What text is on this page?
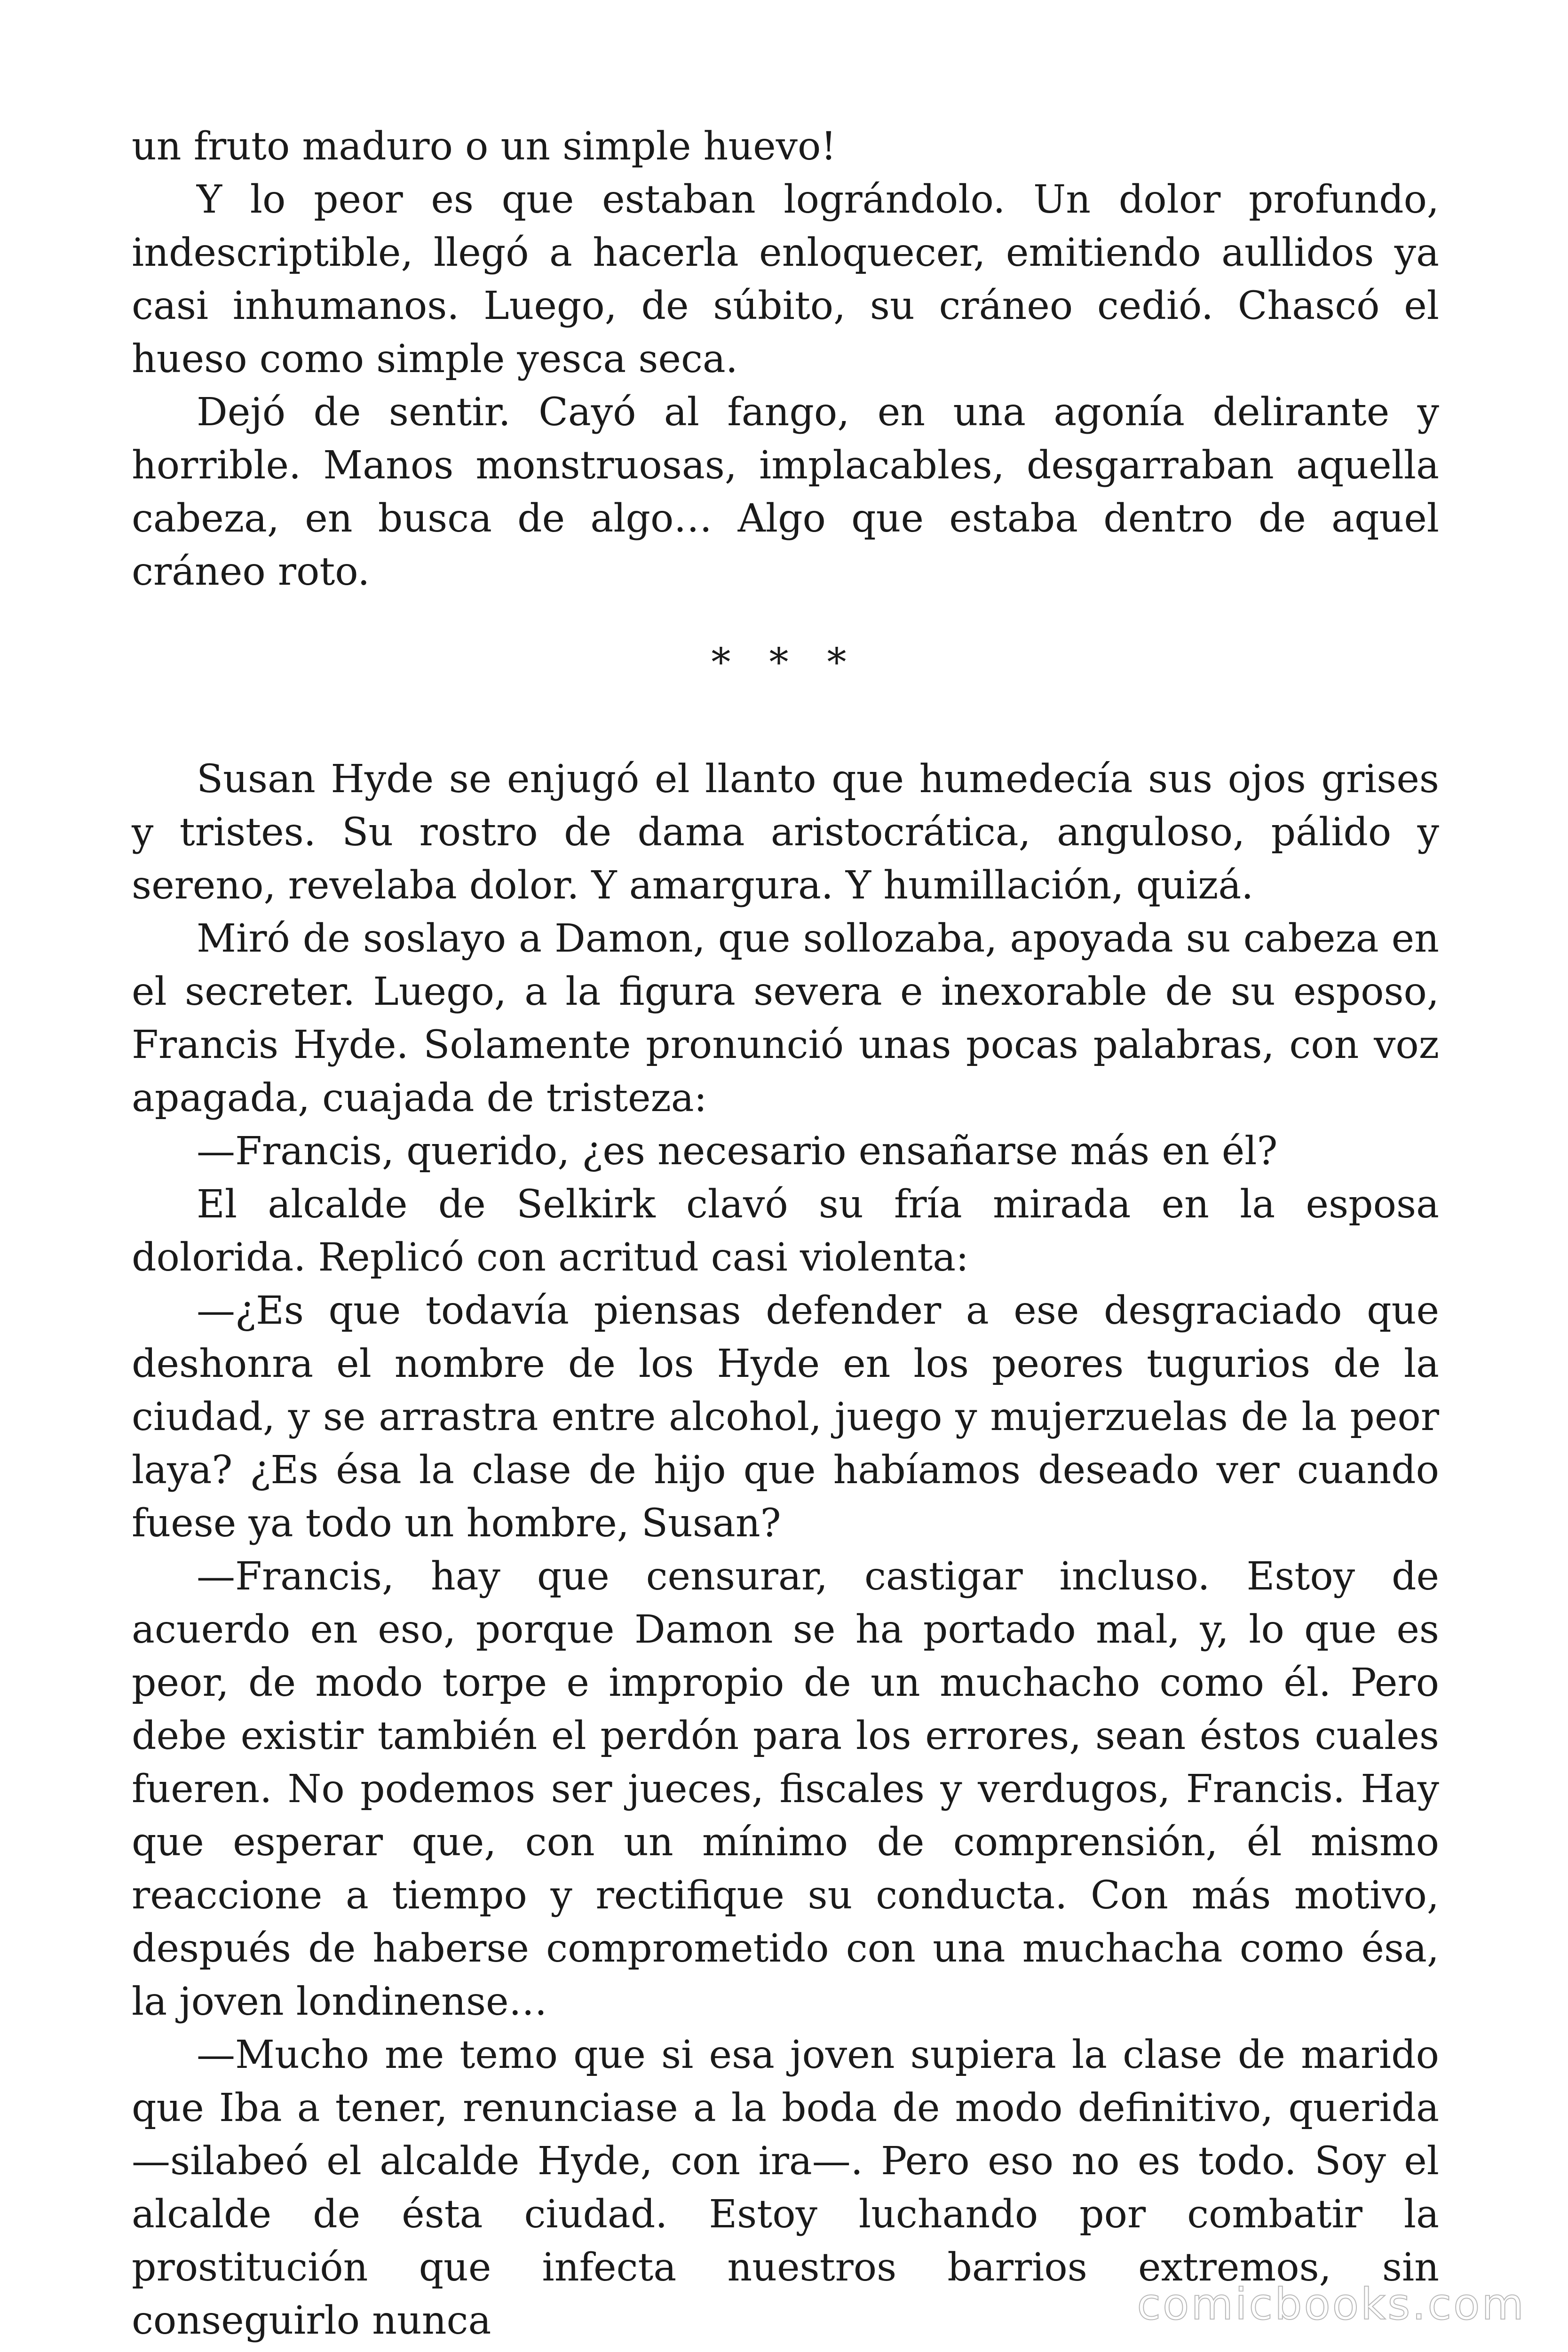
un fruto maduro o un simple huevo!

Y lo peor es que estaban lográndolo. Un dolor profundo, indescriptible, llegó a hacerla enloquecer, emitiendo aullidos ya casi inhumanos. Luego, de súbito, su cráneo cedió. Chascó el hueso como simple yesca seca.

Dejó de sentir. Cayó al fango, en una agonía delirante y horrible. Manos monstruosas, implacables, desgarraban aquella cabeza, en busca de algo… Algo que estaba dentro de aquel cráneo roto.

* * *

Susan Hyde se enjugó el llanto que humedecía sus ojos grises y tristes. Su rostro de dama aristocrática, anguloso, pálido y sereno, revelaba dolor. Y amargura. Y humillación, quizá.

Miró de soslayo a Damon, que sollozaba, apoyada su cabeza en el secreter. Luego, a la figura severa e inexorable de su esposo, Francis Hyde. Solamente pronunció unas pocas palabras, con voz apagada, cuajada de tristeza:

—Francis, querido, ¿es necesario ensañarse más en él?

El alcalde de Selkirk clavó su fría mirada en la esposa dolorida. Replicó con acritud casi violenta:

—¿Es que todavía piensas defender a ese desgraciado que deshonra el nombre de los Hyde en los peores tugurios de la ciudad, y se arrastra entre alcohol, juego y mujerzuelas de la peor laya? ¿Es ésa la clase de hijo que habíamos deseado ver cuando fuese ya todo un hombre, Susan?

—Francis, hay que censurar, castigar incluso. Estoy de acuerdo en eso, porque Damon se ha portado mal, y, lo que es peor, de modo torpe e impropio de un muchacho como él. Pero debe existir también el perdón para los errores, sean éstos cuales fueren. No podemos ser jueces, fiscales y verdugos, Francis. Hay que esperar que, con un mínimo de comprensión, él mismo reaccione a tiempo y rectifique su conducta. Con más motivo, después de haberse comprometido con una muchacha como ésa, la joven londinense…

—Mucho me temo que si esa joven supiera la clase de marido que Iba a tener, renunciase a la boda de modo definitivo, querida —silabeó el alcalde Hyde, con ira—. Pero eso no es todo. Soy el alcalde de ésta ciudad. Estoy luchando por combatir la prostitución que infecta nuestros barrios extremos, sin conseguirlo nunca	comicbooks.com
